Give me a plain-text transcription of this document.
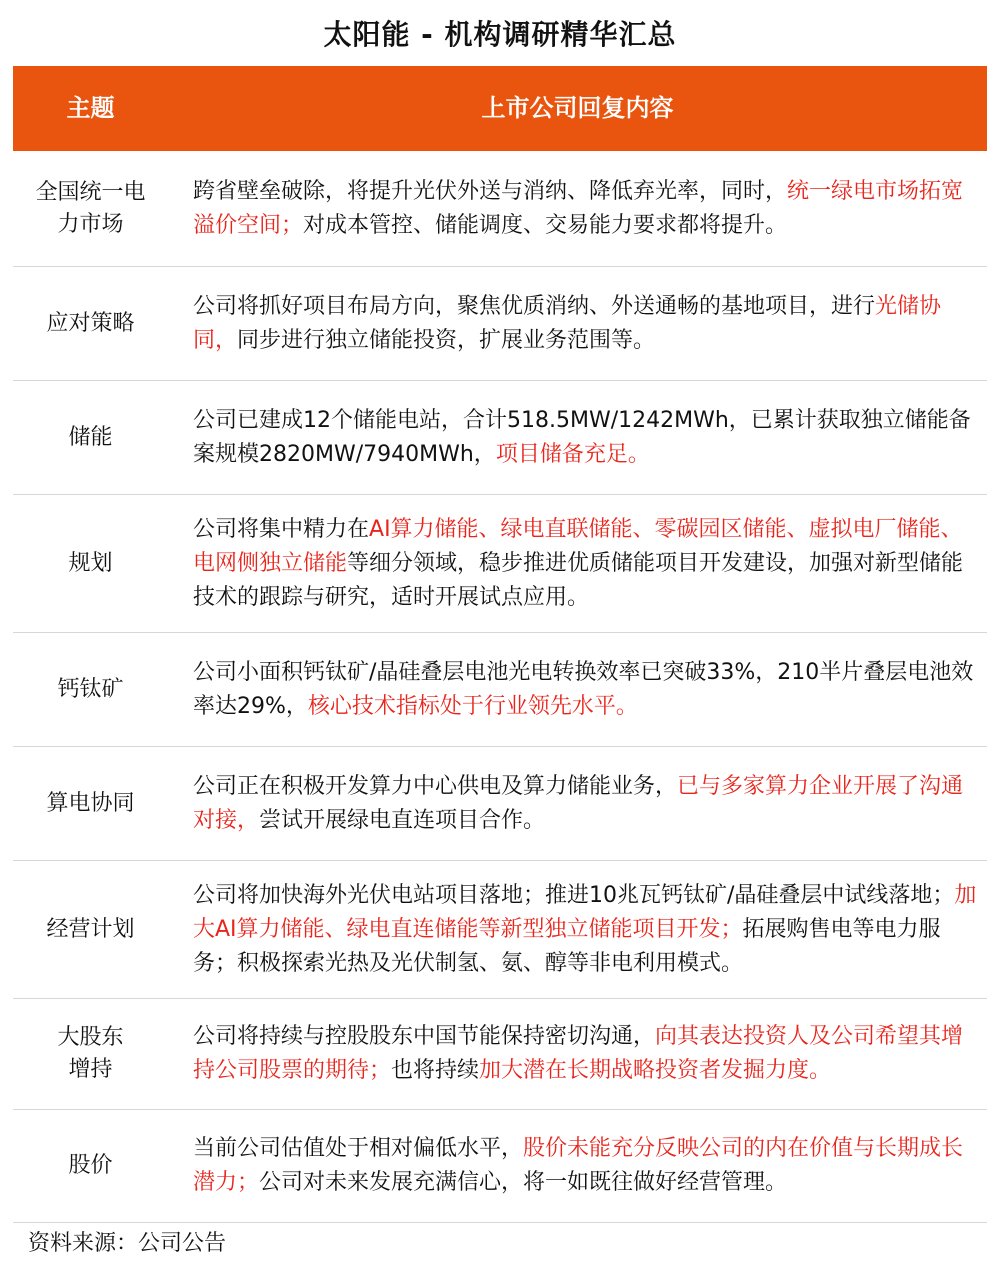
太阳能 - 机构调研精华汇总
主题	上市公司回复内容
全国统一电力市场
跨省壁垒破除，将提升光伏外送与消纳、降低弃光率，同时，统一绿电市场拓宽溢价空间；对成本管控、储能调度、交易能力要求都将提升。
应对策略
公司将抓好项目布局方向，聚焦优质消纳、外送通畅的基地项目，进行光储协同，同步进行独立储能投资，扩展业务范围等。
储能
公司已建成12个储能电站，合计518.5MW/1242MWh，已累计获取独立储能备案规模2820MW/7940MWh，项目储备充足。
规划
公司将集中精力在AI算力储能、绿电直联储能、零碳园区储能、虚拟电厂储能、电网侧独立储能等细分领域，稳步推进优质储能项目开发建设，加强对新型储能技术的跟踪与研究，适时开展试点应用。
钙钛矿
公司小面积钙钛矿/晶硅叠层电池光电转换效率已突破33%，210半片叠层电池效率达29%，核心技术指标处于行业领先水平。
算电协同
公司正在积极开发算力中心供电及算力储能业务，已与多家算力企业开展了沟通对接，尝试开展绿电直连项目合作。
经营计划
公司将加快海外光伏电站项目落地；推进10兆瓦钙钛矿/晶硅叠层中试线落地；加大AI算力储能、绿电直连储能等新型独立储能项目开发；拓展购售电等电力服务；积极探索光热及光伏制氢、氨、醇等非电利用模式。
大股东增持
公司将持续与控股股东中国节能保持密切沟通，向其表达投资人及公司希望其增持公司股票的期待；也将持续加大潜在长期战略投资者发掘力度。
股价
当前公司估值处于相对偏低水平，股价未能充分反映公司的内在价值与长期成长潜力；公司对未来发展充满信心，将一如既往做好经营管理。
资料来源：公司公告
